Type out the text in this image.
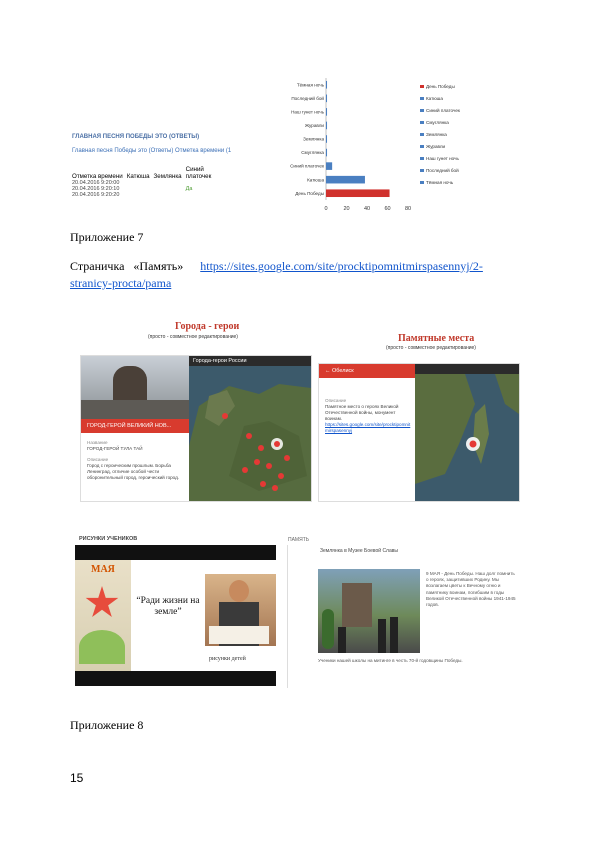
ГЛАВНАЯ ПЕСНЯ ПОБЕДЫ ЭТО (ОТВЕТЫ)
Главная песня Победы это (Ответы) Отметка времени (1
Отметка времени	Катюша	Землянка	Синий платочек
20.04.2016 9:20:00			
20.04.2016 9:20:10			Да
20.04.2016 9:20:20			
Тёмная ночь
Последний бой
Наш гунет ночь
Журавли
Землянка
Смуглянка
Синий платочек
Катюша
День Победы
0	20	40	60	80
День Победы
Катюша
Синий платочек
Смуглянка
Землянка
Журавли
Наш гунет ночь
Последний бой
Тёмная ночь
Приложение 7
Страничка «Память» https://sites.google.com/site/procktipomnitmirspasennyj/2-
stranicy-procta/pama
Города - герои
(просто - совместное редактирование)	Памятные места
(просто - совместное редактирование)
ГОРОД-ГЕРОЙ ВЕЛИКИЙ НОВ...
Название
ГОРОД-ГЕРОЙ ТУЛА ТАЙ
Описание
Город с героическим прошлым. Борьба Ленинград, отличие особой чести оборонительный город, героический город.
Города-герои России
← Обелиск
Описание
Памятное место о героях Великой Отечественной войны, монумент воинам.
https://sites.google.com/site/procktipomnitmirspasennyj
РИСУНКИ УЧЕНИКОВ
МАЯ
“Ради жизни на земле”
рисунки детей
ПАМЯТЬ
Землянка в Музее Боевой Славы
9 МАЯ - День Победы. Наш долг помнить о героях, защитивших Родину. Мы возлагаем цветы к Вечному огню и памятнику воинам, погибшим в годы Великой Отечественной войны 1941-1945 годов.
Ученики нашей школы на митинге в честь 70-й годовщины Победы.
Приложение 8
15
